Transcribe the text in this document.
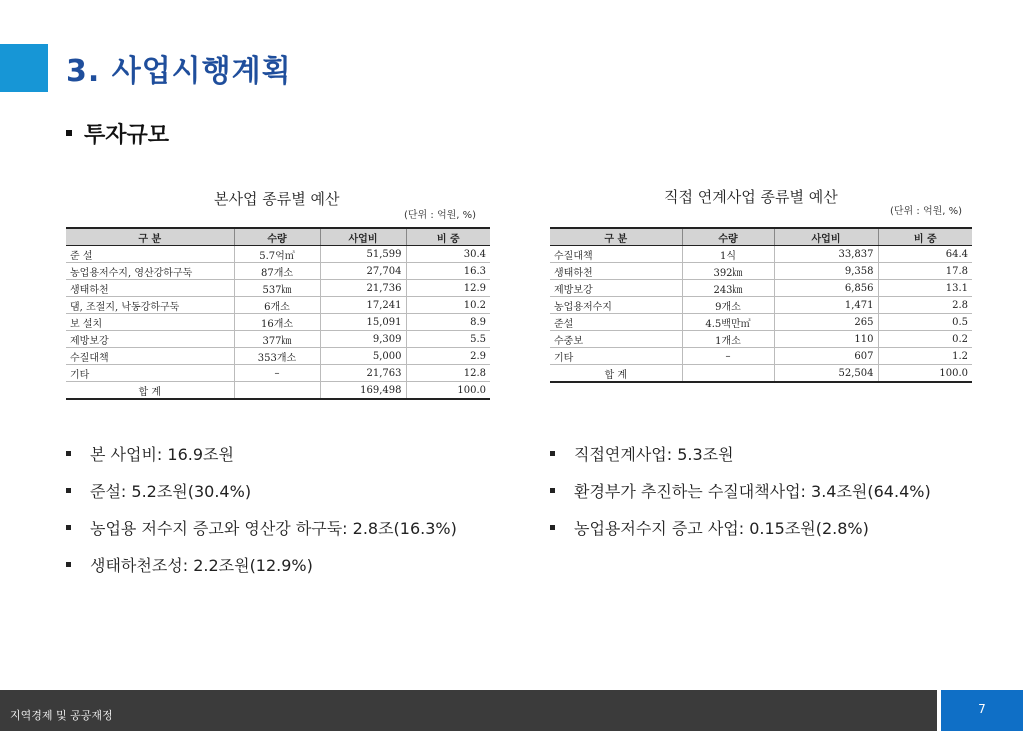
3. 사업시행계획
투자규모
본사업 종류별 예산
(단위 : 억원, %)
구 분	수량	사업비	비 중
준 설	5.7억㎥	51,599	30.4
농업용저수지, 영산강하구둑	87개소	27,704	16.3
생태하천	537㎞	21,736	12.9
댐, 조절지, 낙동강하구둑	6개소	17,241	10.2
보 설치	16개소	15,091	8.9
제방보강	377㎞	9,309	5.5
수질대책	353개소	5,000	2.9
기타	–	21,763	12.8
합 계		169,498	100.0
직접 연계사업 종류별 예산
(단위 : 억원, %)
구 분	수량	사업비	비 중
수질대책	1식	33,837	64.4
생태하천	392㎞	9,358	17.8
제방보강	243㎞	6,856	13.1
농업용저수지	9개소	1,471	2.8
준설	4.5백만㎥	265	0.5
수중보	1개소	110	0.2
기타	–	607	1.2
합 계		52,504	100.0
본 사업비: 16.9조원
준설: 5.2조원(30.4%)
농업용 저수지 증고와 영산강 하구둑: 2.8조(16.3%)
생태하천조성: 2.2조원(12.9%)
직접연계사업: 5.3조원
환경부가 추진하는 수질대책사업: 3.4조원(64.4%)
농업용저수지 증고 사업: 0.15조원(2.8%)
지역경제 및 공공재정	7
